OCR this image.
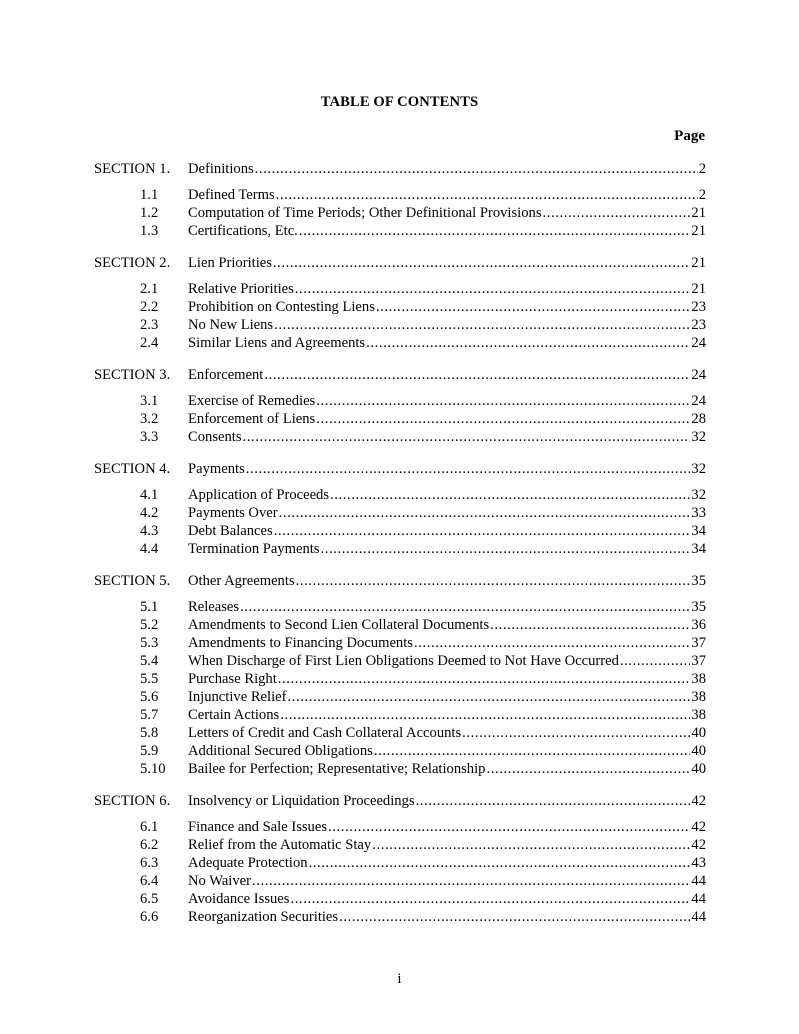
TABLE OF CONTENTS
Page
SECTION 1.	Definitions .....	2
1.1	Defined Terms .....	2
1.2	Computation of Time Periods; Other Definitional Provisions .....	21
1.3	Certifications, Etc. .....	21
SECTION 2.	Lien Priorities .....	21
2.1	Relative Priorities .....	21
2.2	Prohibition on Contesting Liens .....	23
2.3	No New Liens .....	23
2.4	Similar Liens and Agreements .....	24
SECTION 3.	Enforcement .....	24
3.1	Exercise of Remedies .....	24
3.2	Enforcement of Liens .....	28
3.3	Consents .....	32
SECTION 4.	Payments .....	32
4.1	Application of Proceeds .....	32
4.2	Payments Over .....	33
4.3	Debt Balances .....	34
4.4	Termination Payments .....	34
SECTION 5.	Other Agreements .....	35
5.1	Releases .....	35
5.2	Amendments to Second Lien Collateral Documents .....	36
5.3	Amendments to Financing Documents .....	37
5.4	When Discharge of First Lien Obligations Deemed to Not Have Occurred .....	37
5.5	Purchase Right .....	38
5.6	Injunctive Relief .....	38
5.7	Certain Actions .....	38
5.8	Letters of Credit and Cash Collateral Accounts .....	40
5.9	Additional Secured Obligations .....	40
5.10	Bailee for Perfection; Representative; Relationship .....	40
SECTION 6.	Insolvency or Liquidation Proceedings .....	42
6.1	Finance and Sale Issues .....	42
6.2	Relief from the Automatic Stay .....	42
6.3	Adequate Protection .....	43
6.4	No Waiver .....	44
6.5	Avoidance Issues .....	44
6.6	Reorganization Securities .....	44
i
